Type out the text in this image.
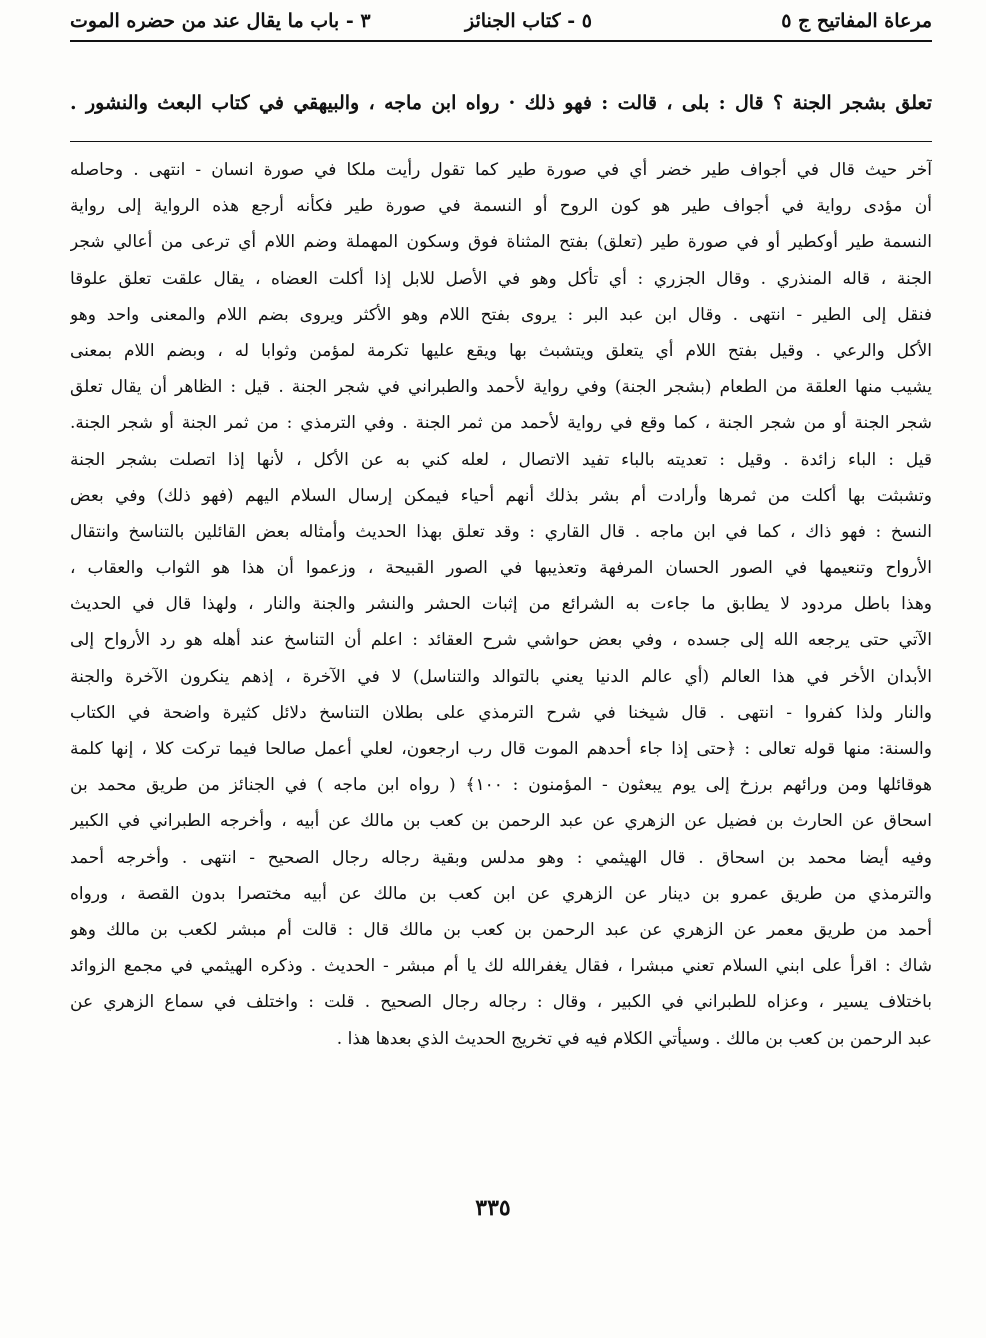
مرعاة المفاتيح ج ٥
٥ - كتاب الجنائز
٣ - باب ما يقال عند من حضره الموت
تعلق بشجر الجنة ؟ قال : بلى ، قالت : فهو ذلك · رواه ابن ماجه ، والبيهقي في كتاب البعث والنشور .
آخر حيث قال في أجواف طير خضر أي في صورة طير كما تقول رأيت ملكا في صورة انسان - انتهى . وحاصله
أن مؤدى رواية في أجواف طير هو كون الروح أو النسمة في صورة طير فكأنه أرجع هذه الرواية إلى رواية
النسمة طير أوكطير أو في صورة طير (تعلق) بفتح المثناة فوق وسكون المهملة وضم اللام أي ترعى من أعالي شجر
الجنة ، قاله المنذري . وقال الجزري : أي تأكل وهو في الأصل للابل إذا أكلت العضاه ، يقال علقت تعلق علوقا
فنقل إلى الطير - انتهى . وقال ابن عبد البر : يروى بفتح اللام وهو الأكثر ويروى بضم اللام والمعنى واحد وهو
الأكل والرعي . وقيل بفتح اللام أي يتعلق ويتشبث بها ويقع عليها تكرمة لمؤمن وثوابا له ، وبضم اللام بمعنى
يشيب منها العلقة من الطعام (بشجر الجنة) وفي رواية لأحمد والطبراني في شجر الجنة . قيل : الظاهر أن يقال تعلق
شجر الجنة أو من شجر الجنة ، كما وقع في رواية لأحمد من ثمر الجنة . وفي الترمذي : من ثمر الجنة أو شجر الجنة.
قيل : الباء زائدة . وقيل : تعديته بالباء تفيد الاتصال ، لعله كني به عن الأكل ، لأنها إذا اتصلت بشجر الجنة
وتشبثت بها أكلت من ثمرها وأرادت أم بشر بذلك أنهم أحياء فيمكن إرسال السلام اليهم (فهو ذلك) وفي بعض
النسخ : فهو ذاك ، كما في ابن ماجه . قال القاري : وقد تعلق بهذا الحديث وأمثاله بعض القائلين بالتناسخ وانتقال
الأرواح وتنعيمها في الصور الحسان المرفهة وتعذيبها في الصور القبيحة ، وزعموا أن هذا هو الثواب والعقاب ،
وهذا باطل مردود لا يطابق ما جاءت به الشرائع من إثبات الحشر والنشر والجنة والنار ، ولهذا قال في الحديث
الآتي حتى يرجعه الله إلى جسده ، وفي بعض حواشي شرح العقائد : اعلم أن التناسخ عند أهله هو رد الأرواح إلى
الأبدان الأخر في هذا العالم (أي عالم الدنيا يعني بالتوالد والتناسل) لا في الآخرة ، إذهم ينكرون الآخرة والجنة
والنار ولذا كفروا - انتهى . قال شيخنا في شرح الترمذي على بطلان التناسخ دلائل كثيرة واضحة في الكتاب
والسنة: منها قوله تعالى : ﴿حتى إذا جاء أحدهم الموت قال رب ارجعون، لعلي أعمل صالحا فيما تركت كلا ، إنها كلمة
هوقائلها ومن ورائهم برزخ إلى يوم يبعثون - المؤمنون : ١٠٠﴾ ( رواه ابن ماجه ) في الجنائز من طريق محمد بن
اسحاق عن الحارث بن فضيل عن الزهري عن عبد الرحمن بن كعب بن مالك عن أبيه ، وأخرجه الطبراني في الكبير
وفيه أيضا محمد بن اسحاق . قال الهيثمي : وهو مدلس وبقية رجاله رجال الصحيح - انتهى . وأخرجه أحمد
والترمذي من طريق عمرو بن دينار عن الزهري عن ابن كعب بن مالك عن أبيه مختصرا بدون القصة ، ورواه
أحمد من طريق معمر عن الزهري عن عبد الرحمن بن كعب بن مالك قال : قالت أم مبشر لكعب بن مالك وهو
شاك : اقرأ على ابني السلام تعني مبشرا ، فقال يغفرالله لك يا أم مبشر - الحديث . وذكره الهيثمي في مجمع الزوائد
باختلاف يسير ، وعزاه للطبراني في الكبير ، وقال : رجاله رجال الصحيح . قلت : واختلف في سماع الزهري عن
عبد الرحمن بن كعب بن مالك . وسيأتي الكلام فيه في تخريج الحديث الذي بعدها هذا .
٣٣٥
